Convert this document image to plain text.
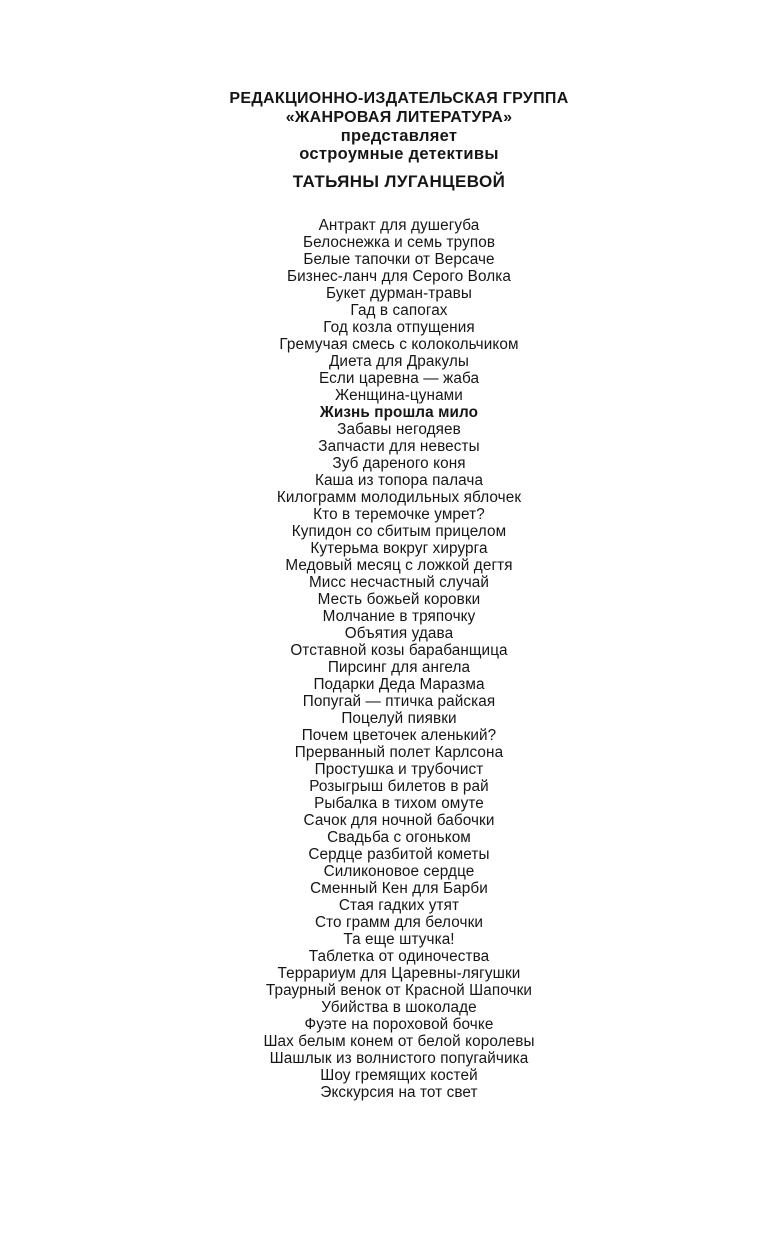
РЕДАКЦИОННО-ИЗДАТЕЛЬСКАЯ ГРУППА
«ЖАНРОВАЯ ЛИТЕРАТУРА»
представляет
остроумные детективы
ТАТЬЯНЫ ЛУГАНЦЕВОЙ
Антракт для душегуба
Белоснежка и семь трупов
Белые тапочки от Версаче
Бизнес-ланч для Серого Волка
Букет дурман-травы
Гад в сапогах
Год козла отпущения
Гремучая смесь с колокольчиком
Диета для Дракулы
Если царевна — жаба
Женщина-цунами
Жизнь прошла мило
Забавы негодяев
Запчасти для невесты
Зуб дареного коня
Каша из топора палача
Килограмм молодильных яблочек
Кто в теремочке умрет?
Купидон со сбитым прицелом
Кутерьма вокруг хирурга
Медовый месяц с ложкой дегтя
Мисс несчастный случай
Месть божьей коровки
Молчание в тряпочку
Объятия удава
Отставной козы барабанщица
Пирсинг для ангела
Подарки Деда Маразма
Попугай — птичка райская
Поцелуй пиявки
Почем цветочек аленький?
Прерванный полет Карлсона
Простушка и трубочист
Розыгрыш билетов в рай
Рыбалка в тихом омуте
Сачок для ночной бабочки
Свадьба с огоньком
Сердце разбитой кометы
Силиконовое сердце
Сменный Кен для Барби
Стая гадких утят
Сто грамм для белочки
Та еще штучка!
Таблетка от одиночества
Террариум для Царевны-лягушки
Траурный венок от Красной Шапочки
Убийства в шоколаде
Фуэте на пороховой бочке
Шах белым конем от белой королевы
Шашлык из волнистого попугайчика
Шоу гремящих костей
Экскурсия на тот свет
